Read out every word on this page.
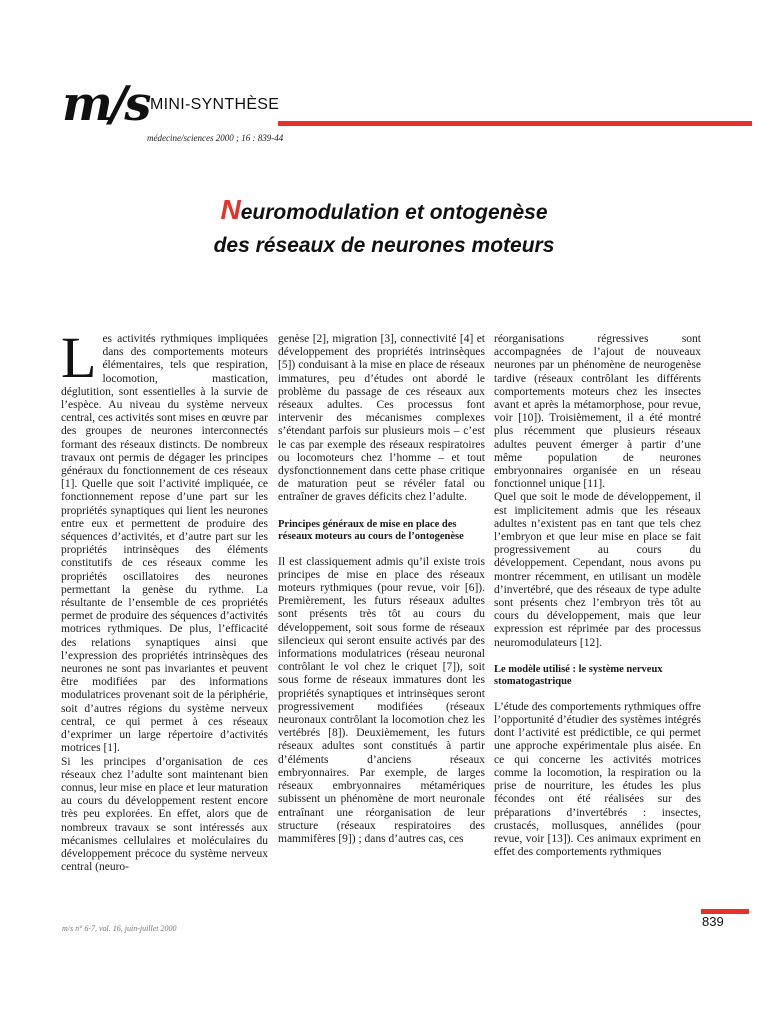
m/s MINI-SYNTHÈSE
médecine/sciences 2000 ; 16 : 839-44
Neuromodulation et ontogenèse
des réseaux de neurones moteurs
L es activités rythmiques impliquées dans des comportements moteurs élémentaires, tels que respiration, locomotion, mastication, déglutition, sont essentielles à la survie de l’espèce. Au niveau du système nerveux central, ces activités sont mises en œuvre par des groupes de neurones interconnectés formant des réseaux distincts. De nombreux travaux ont permis de dégager les principes généraux du fonctionnement de ces réseaux [1]. Quelle que soit l’activité impliquée, ce fonctionnement repose d’une part sur les propriétés synaptiques qui lient les neurones entre eux et permettent de produire des séquences d’activités, et d’autre part sur les propriétés intrinsèques des éléments constitutifs de ces réseaux comme les propriétés oscillatoires des neurones permettant la genèse du rythme. La résultante de l’ensemble de ces propriétés permet de produire des séquences d’activités motrices rythmiques. De plus, l’efficacité des relations synaptiques ainsi que l’expression des propriétés intrinsèques des neurones ne sont pas invariantes et peuvent être modifiées par des informations modulatrices provenant soit de la périphérie, soit d’autres régions du système nerveux central, ce qui permet à ces réseaux d’exprimer un large répertoire d’activités motrices [1].

Si les principes d’organisation de ces réseaux chez l’adulte sont maintenant bien connus, leur mise en place et leur maturation au cours du développement restent encore très peu explorées. En effet, alors que de nombreux travaux se sont intéressés aux mécanismes cellulaires et moléculaires du développement précoce du système nerveux central (neuro-

genèse [2], migration [3], connectivité [4] et développement des propriétés intrinsèques [5]) conduisant à la mise en place de réseaux immatures, peu d’études ont abordé le problème du passage de ces réseaux aux réseaux adultes. Ces processus font intervenir des mécanismes complexes s’étendant parfois sur plusieurs mois – c’est le cas par exemple des réseaux respiratoires ou locomoteurs chez l’homme – et tout dysfonctionnement dans cette phase critique de maturation peut se révéler fatal ou entraîner de graves déficits chez l’adulte.

Principes généraux de mise en place des réseaux moteurs au cours de l’ontogenèse

Il est classiquement admis qu’il existe trois principes de mise en place des réseaux moteurs rythmiques (pour revue, voir [6]). Premièrement, les futurs réseaux adultes sont présents très tôt au cours du développement, soit sous forme de réseaux silencieux qui seront ensuite activés par des informations modulatrices (réseau neuronal contrôlant le vol chez le criquet [7]), soit sous forme de réseaux immatures dont les propriétés synaptiques et intrinsèques seront progressivement modifiées (réseaux neuronaux contrôlant la locomotion chez les vertébrés [8]). Deuxièmement, les futurs réseaux adultes sont constitués à partir d’éléments d’anciens réseaux embryonnaires. Par exemple, de larges réseaux embryonnaires métamériques subissent un phénomène de mort neuronale entraînant une réorganisation de leur structure (réseaux respiratoires des mammifères [9]) ; dans d’autres cas, ces

réorganisations régressives sont accompagnées de l’ajout de nouveaux neurones par un phénomène de neurogenèse tardive (réseaux contrôlant les différents comportements moteurs chez les insectes avant et après la métamorphose, pour revue, voir [10]). Troisièmement, il a été montré plus récemment que plusieurs réseaux adultes peuvent émerger à partir d’une même population de neurones embryonnaires organisée en un réseau fonctionnel unique [11].

Quel que soit le mode de développement, il est implicitement admis que les réseaux adultes n’existent pas en tant que tels chez l’embryon et que leur mise en place se fait progressivement au cours du développement. Cependant, nous avons pu montrer récemment, en utilisant un modèle d’invertébré, que des réseaux de type adulte sont présents chez l’embryon très tôt au cours du développement, mais que leur expression est réprimée par des processus neuromodulateurs [12].

Le modèle utilisé : le système nerveux stomatogastrique

L’étude des comportements rythmiques offre l’opportunité d’étudier des systèmes intégrés dont l’activité est prédictible, ce qui permet une approche expérimentale plus aisée. En ce qui concerne les activités motrices comme la locomotion, la respiration ou la prise de nourriture, les études les plus fécondes ont été réalisées sur des préparations d’invertébrés : insectes, crustacés, mollusques, annélides (pour revue, voir [13]). Ces animaux expriment en effet des comportements rythmiques

m/s n° 6-7, vol. 16, juin-juillet 2000	839
